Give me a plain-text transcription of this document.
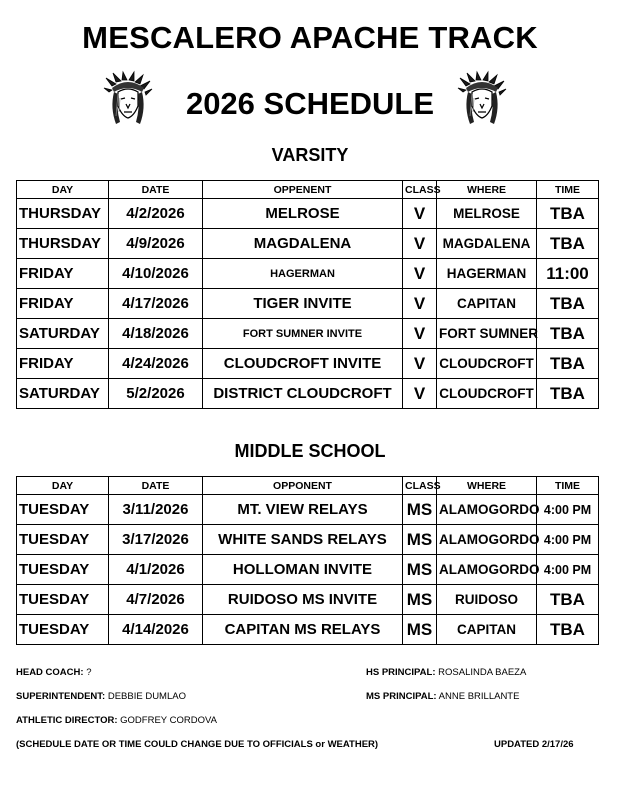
MESCALERO APACHE TRACK
2026 SCHEDULE
VARSITY
DAY	DATE	OPPENENT	CLASS	WHERE	TIME
THURSDAY	4/2/2026	MELROSE	V	MELROSE	TBA
THURSDAY	4/9/2026	MAGDALENA	V	MAGDALENA	TBA
FRIDAY	4/10/2026	HAGERMAN	V	HAGERMAN	11:00
FRIDAY	4/17/2026	TIGER INVITE	V	CAPITAN	TBA
SATURDAY	4/18/2026	FORT SUMNER INVITE	V	FORT SUMNER	TBA
FRIDAY	4/24/2026	CLOUDCROFT INVITE	V	CLOUDCROFT	TBA
SATURDAY	5/2/2026	DISTRICT CLOUDCROFT	V	CLOUDCROFT	TBA
MIDDLE SCHOOL
DAY	DATE	OPPONENT	CLASS	WHERE	TIME
TUESDAY	3/11/2026	MT. VIEW RELAYS	MS	ALAMOGORDO	4:00 PM
TUESDAY	3/17/2026	WHITE SANDS RELAYS	MS	ALAMOGORDO	4:00 PM
TUESDAY	4/1/2026	HOLLOMAN INVITE	MS	ALAMOGORDO	4:00 PM
TUESDAY	4/7/2026	RUIDOSO MS INVITE	MS	RUIDOSO	TBA
TUESDAY	4/14/2026	CAPITAN MS RELAYS	MS	CAPITAN	TBA
HEAD COACH: ?	HS PRINCIPAL: ROSALINDA BAEZA
SUPERINTENDENT: DEBBIE DUMLAO	MS PRINCIPAL: ANNE BRILLANTE
ATHLETIC DIRECTOR: GODFREY CORDOVA
(SCHEDULE DATE OR TIME COULD CHANGE DUE TO OFFICIALS or WEATHER)	UPDATED 2/17/26
